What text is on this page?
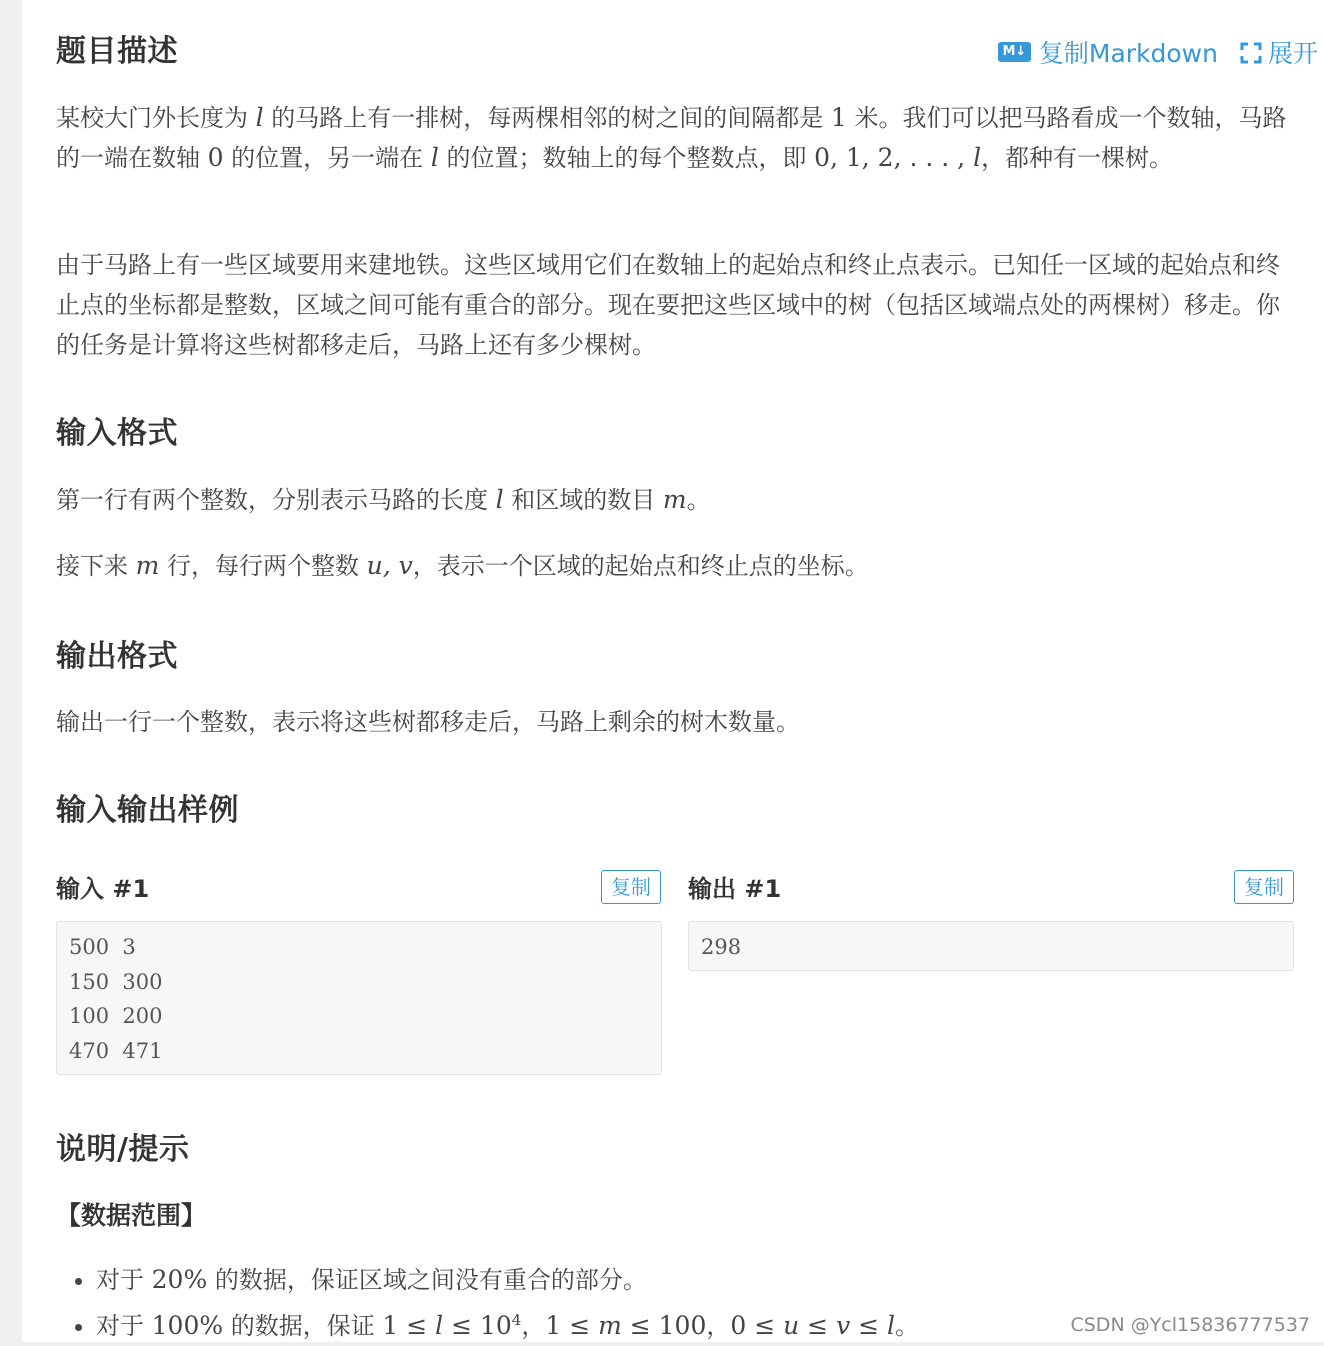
M↓ 复制Markdown 展开
题目描述

某校大门外长度为 l 的马路上有一排树，每两棵相邻的树之间的间隔都是 1 米。我们可以把马路看成一个数轴，马路的一端在数轴 0 的位置，另一端在 l 的位置；数轴上的每个整数点，即 0, 1, 2, . . . , l，都种有一棵树。

由于马路上有一些区域要用来建地铁。这些区域用它们在数轴上的起始点和终止点表示。已知任一区域的起始点和终止点的坐标都是整数，区域之间可能有重合的部分。现在要把这些区域中的树（包括区域端点处的两棵树）移走。你的任务是计算将这些树都移走后，马路上还有多少棵树。

输入格式

第一行有两个整数，分别表示马路的长度 l 和区域的数目 m。

接下来 m 行，每行两个整数 u, v，表示一个区域的起始点和终止点的坐标。

输出格式

输出一行一个整数，表示将这些树都移走后，马路上剩余的树木数量。

输入输出样例
输入 #1	复制
500  3
150  300
100  200
470  471
输出 #1	复制
298
说明/提示
【数据范围】
• 对于 20% 的数据，保证区域之间没有重合的部分。
• 对于 100% 的数据，保证 $1 \le l \le 10^4$，1 ≤ m ≤ 100，0 ≤ u ≤ v ≤ l。	CSDN @Ycl15836777537
